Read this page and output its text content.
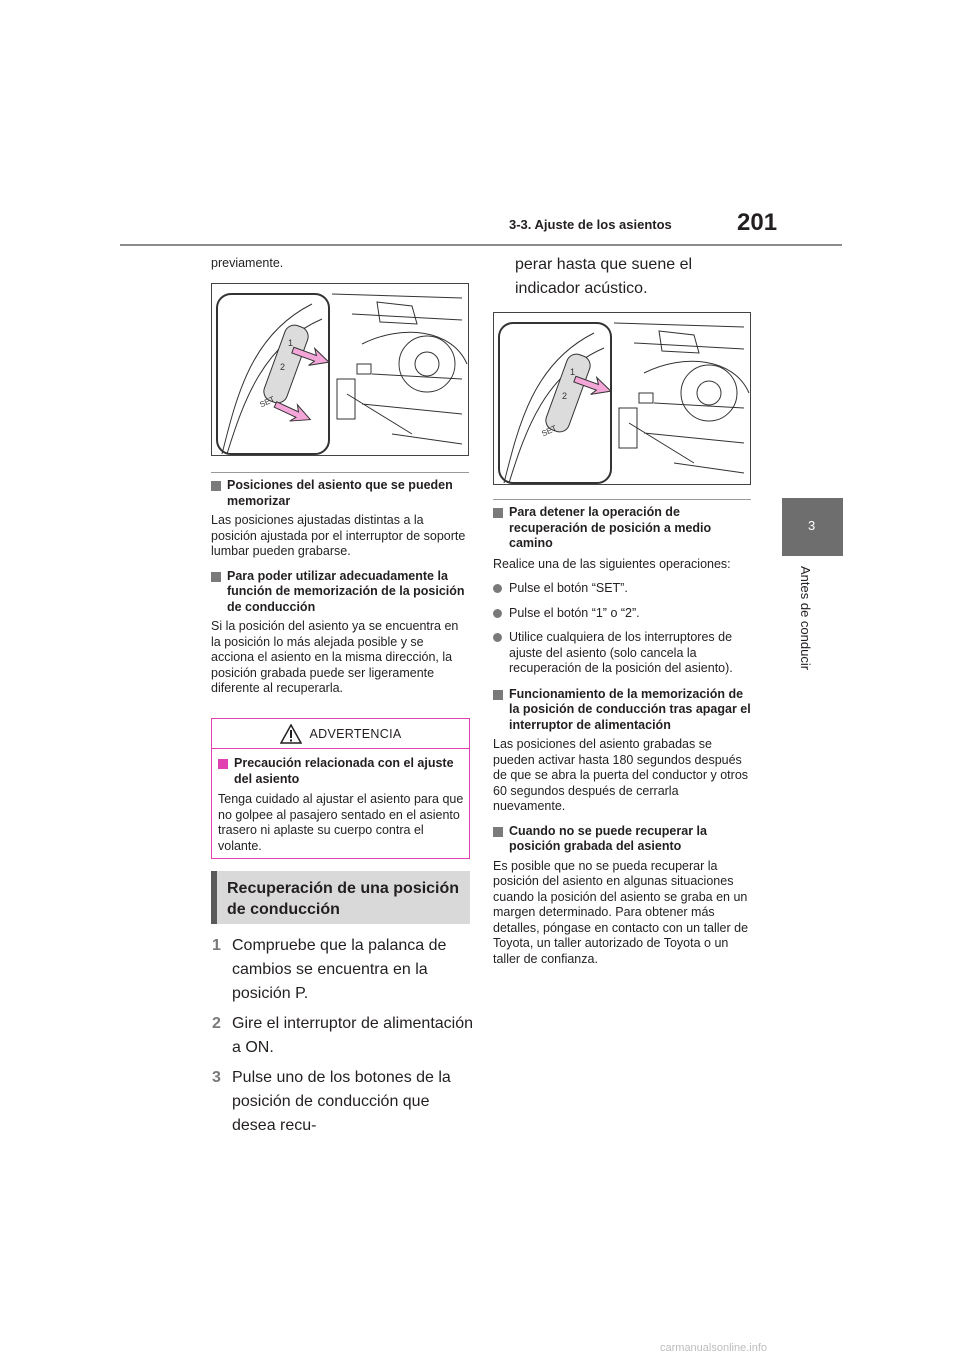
3-3. Ajuste de los asientos	201
3
Antes de conducir
previamente.
1
2
SET
Posiciones del asiento que se pueden memorizar
Las posiciones ajustadas distintas a la posición ajustada por el interruptor de soporte lumbar pueden grabarse.
Para poder utilizar adecuadamente la función de memorización de la posición de conducción
Si la posición del asiento ya se encuentra en la posición lo más alejada posible y se acciona el asiento en la misma dirección, la posición grabada puede ser ligeramente diferente al recuperarla.
ADVERTENCIA
Precaución relacionada con el ajuste del asiento
Tenga cuidado al ajustar el asiento para que no golpee al pasajero sentado en el asiento trasero ni aplaste su cuerpo contra el volante.
Recuperación de una posición de conducción
1 Compruebe que la palanca de cambios se encuentra en la posición P.
2 Gire el interruptor de alimentación a ON.
3 Pulse uno de los botones de la posición de conducción que desea recu-
perar hasta que suene el indicador acústico.
1
2
SET
Para detener la operación de recuperación de posición a medio camino
Realice una de las siguientes operaciones:
Pulse el botón “SET”.
Pulse el botón “1” o “2”.
Utilice cualquiera de los interruptores de ajuste del asiento (solo cancela la recuperación de la posición del asiento).
Funcionamiento de la memorización de la posición de conducción tras apagar el interruptor de alimentación
Las posiciones del asiento grabadas se pueden activar hasta 180 segundos después de que se abra la puerta del conductor y otros 60 segundos después de cerrarla nuevamente.
Cuando no se puede recuperar la posición grabada del asiento
Es posible que no se pueda recuperar la posición del asiento en algunas situaciones cuando la posición del asiento se graba en un margen determinado. Para obtener más detalles, póngase en contacto con un taller de Toyota, un taller autorizado de Toyota o un taller de confianza.
carmanualsonline.info
